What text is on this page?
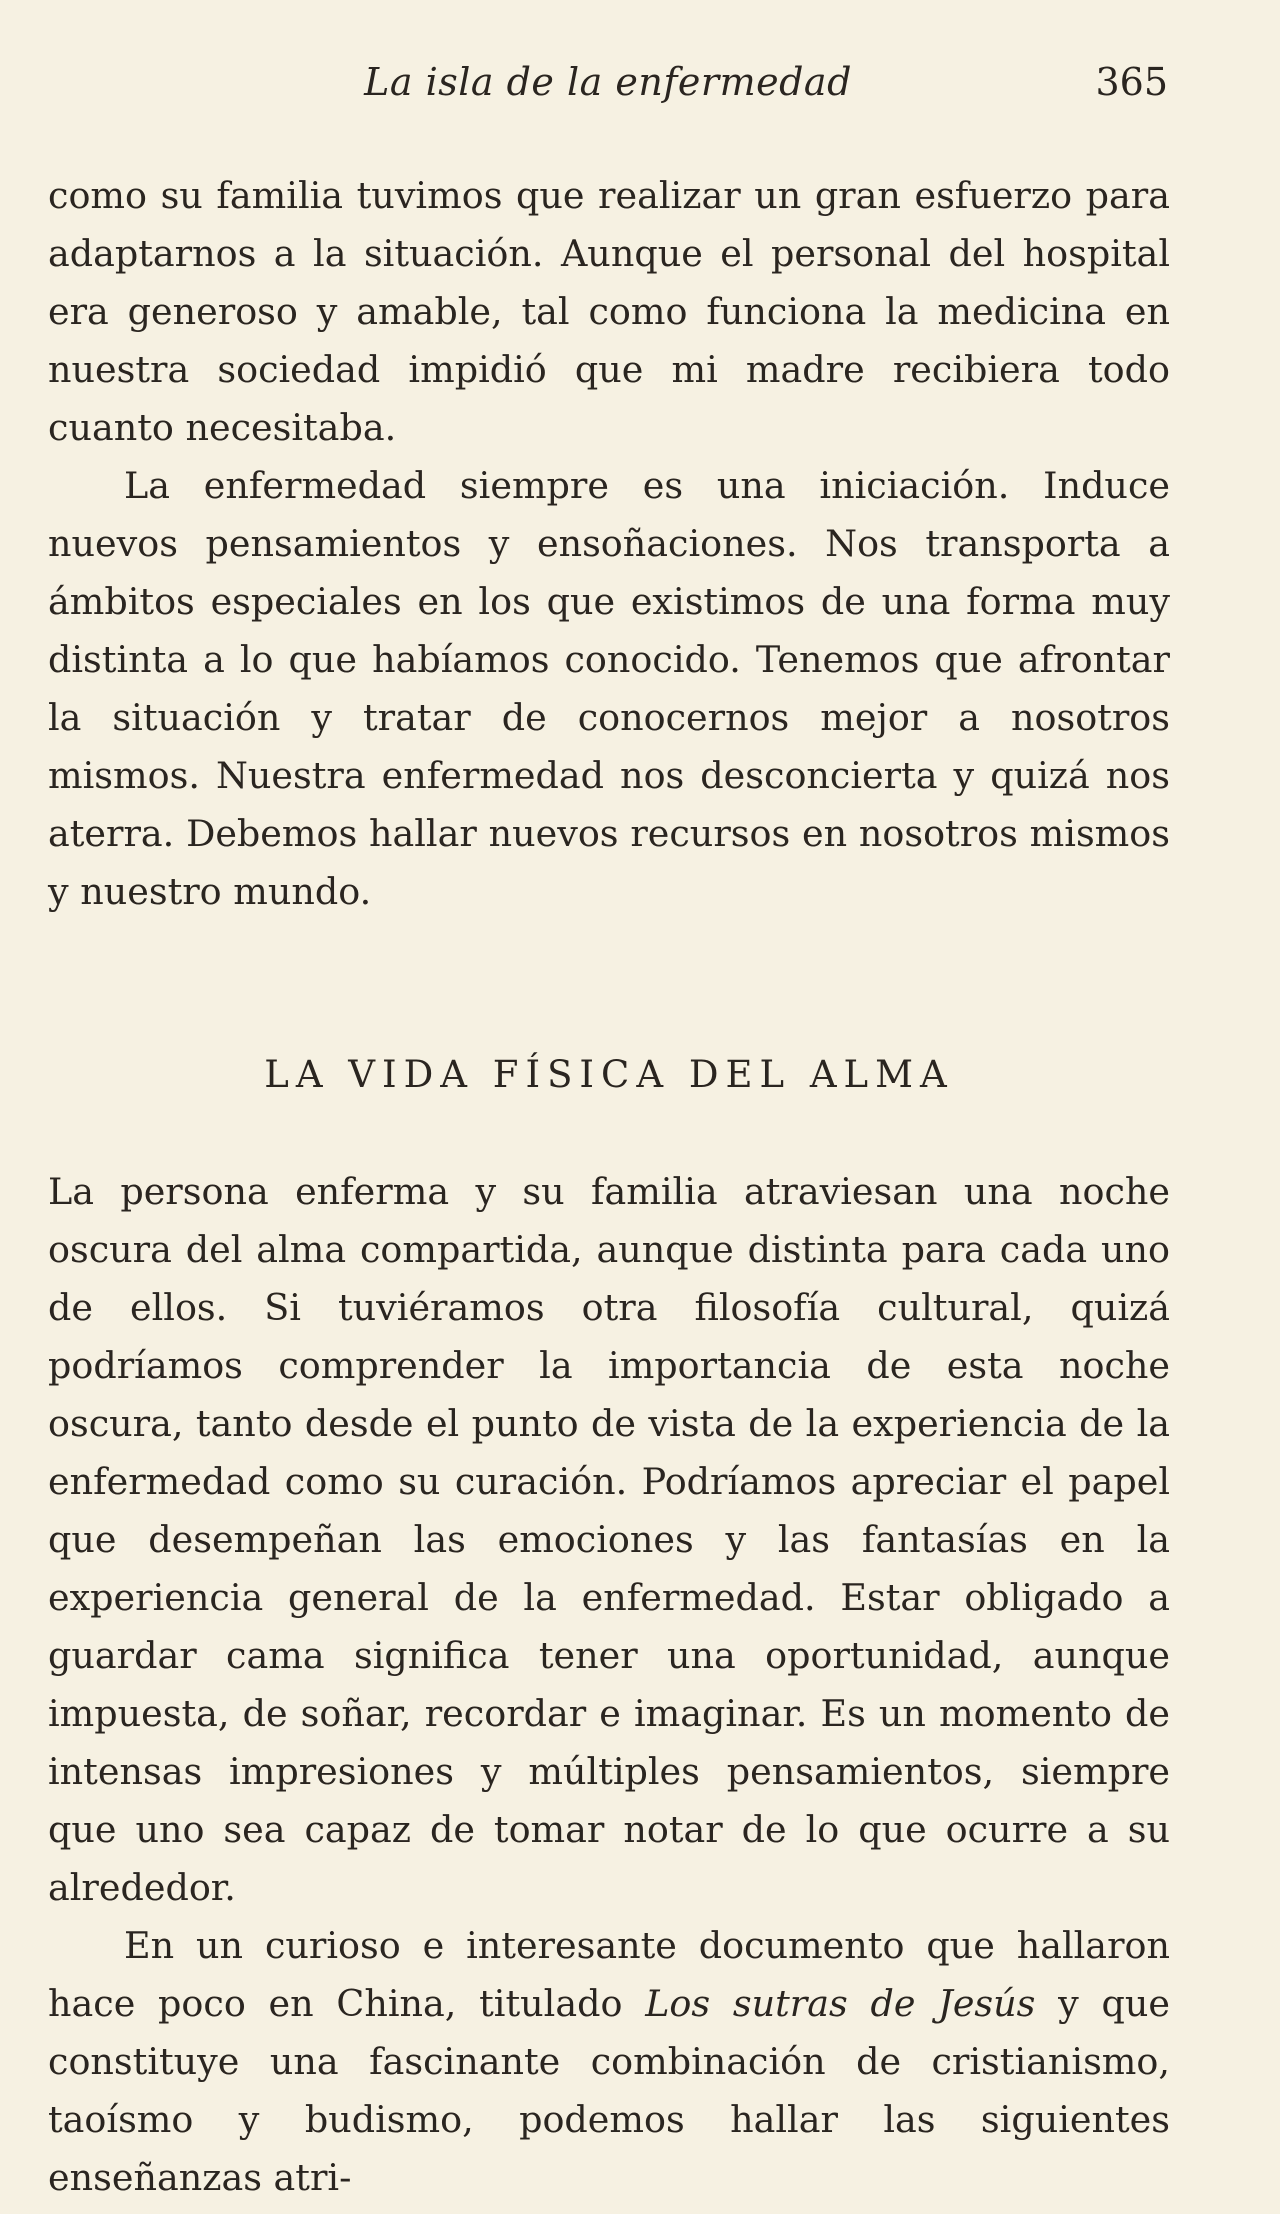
La isla de la enfermedad	365

como su familia tuvimos que realizar un gran esfuerzo para adaptarnos a la situación. Aunque el personal del hospital era generoso y amable, tal como funciona la medicina en nuestra sociedad impidió que mi madre recibiera todo cuanto necesitaba.

La enfermedad siempre es una iniciación. Induce nuevos pensamientos y ensoñaciones. Nos transporta a ámbitos especiales en los que existimos de una forma muy distinta a lo que habíamos conocido. Tenemos que afrontar la situación y tratar de conocernos mejor a nosotros mismos. Nuestra enfermedad nos desconcierta y quizá nos aterra. Debemos hallar nuevos recursos en nosotros mismos y nuestro mundo.

LA VIDA FÍSICA DEL ALMA

La persona enferma y su familia atraviesan una noche oscura del alma compartida, aunque distinta para cada uno de ellos. Si tuviéramos otra filosofía cultural, quizá podríamos comprender la importancia de esta noche oscura, tanto desde el punto de vista de la experiencia de la enfermedad como su curación. Podríamos apreciar el papel que desempeñan las emociones y las fantasías en la experiencia general de la enfermedad. Estar obligado a guardar cama significa tener una oportunidad, aunque impuesta, de soñar, recordar e imaginar. Es un momento de intensas impresiones y múltiples pensamientos, siempre que uno sea capaz de tomar notar de lo que ocurre a su alrededor.

En un curioso e interesante documento que hallaron hace poco en China, titulado Los sutras de Jesús y que constituye una fascinante combinación de cristianismo, taoísmo y budismo, podemos hallar las siguientes enseñanzas atri-
